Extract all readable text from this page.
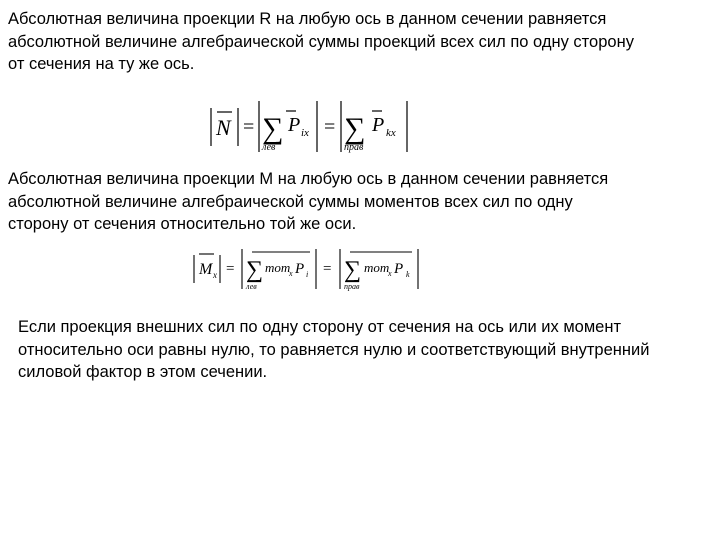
Абсолютная величина проекции R на любую ось в данном сечении равняется
абсолютной величине алгебраической суммы проекций всех сил по одну сторону
от сечения на ту же ось.

N = ∑ P ix
лев
= ∑ P kx
прав

Абсолютная величина проекции М на любую ось в данном сечении равняется
абсолютной величине алгебраической суммы моментов всех сил по одну
сторону от сечения относительно той же оси.

M x = ∑ mom
x P i
лев
= ∑ mom
x P k
прав

Если проекция внешних сил по одну сторону от сечения на ось или их момент
относительно оси равны нулю, то равняется нулю и соответствующий внутренний
силовой фактор в этом сечении.
